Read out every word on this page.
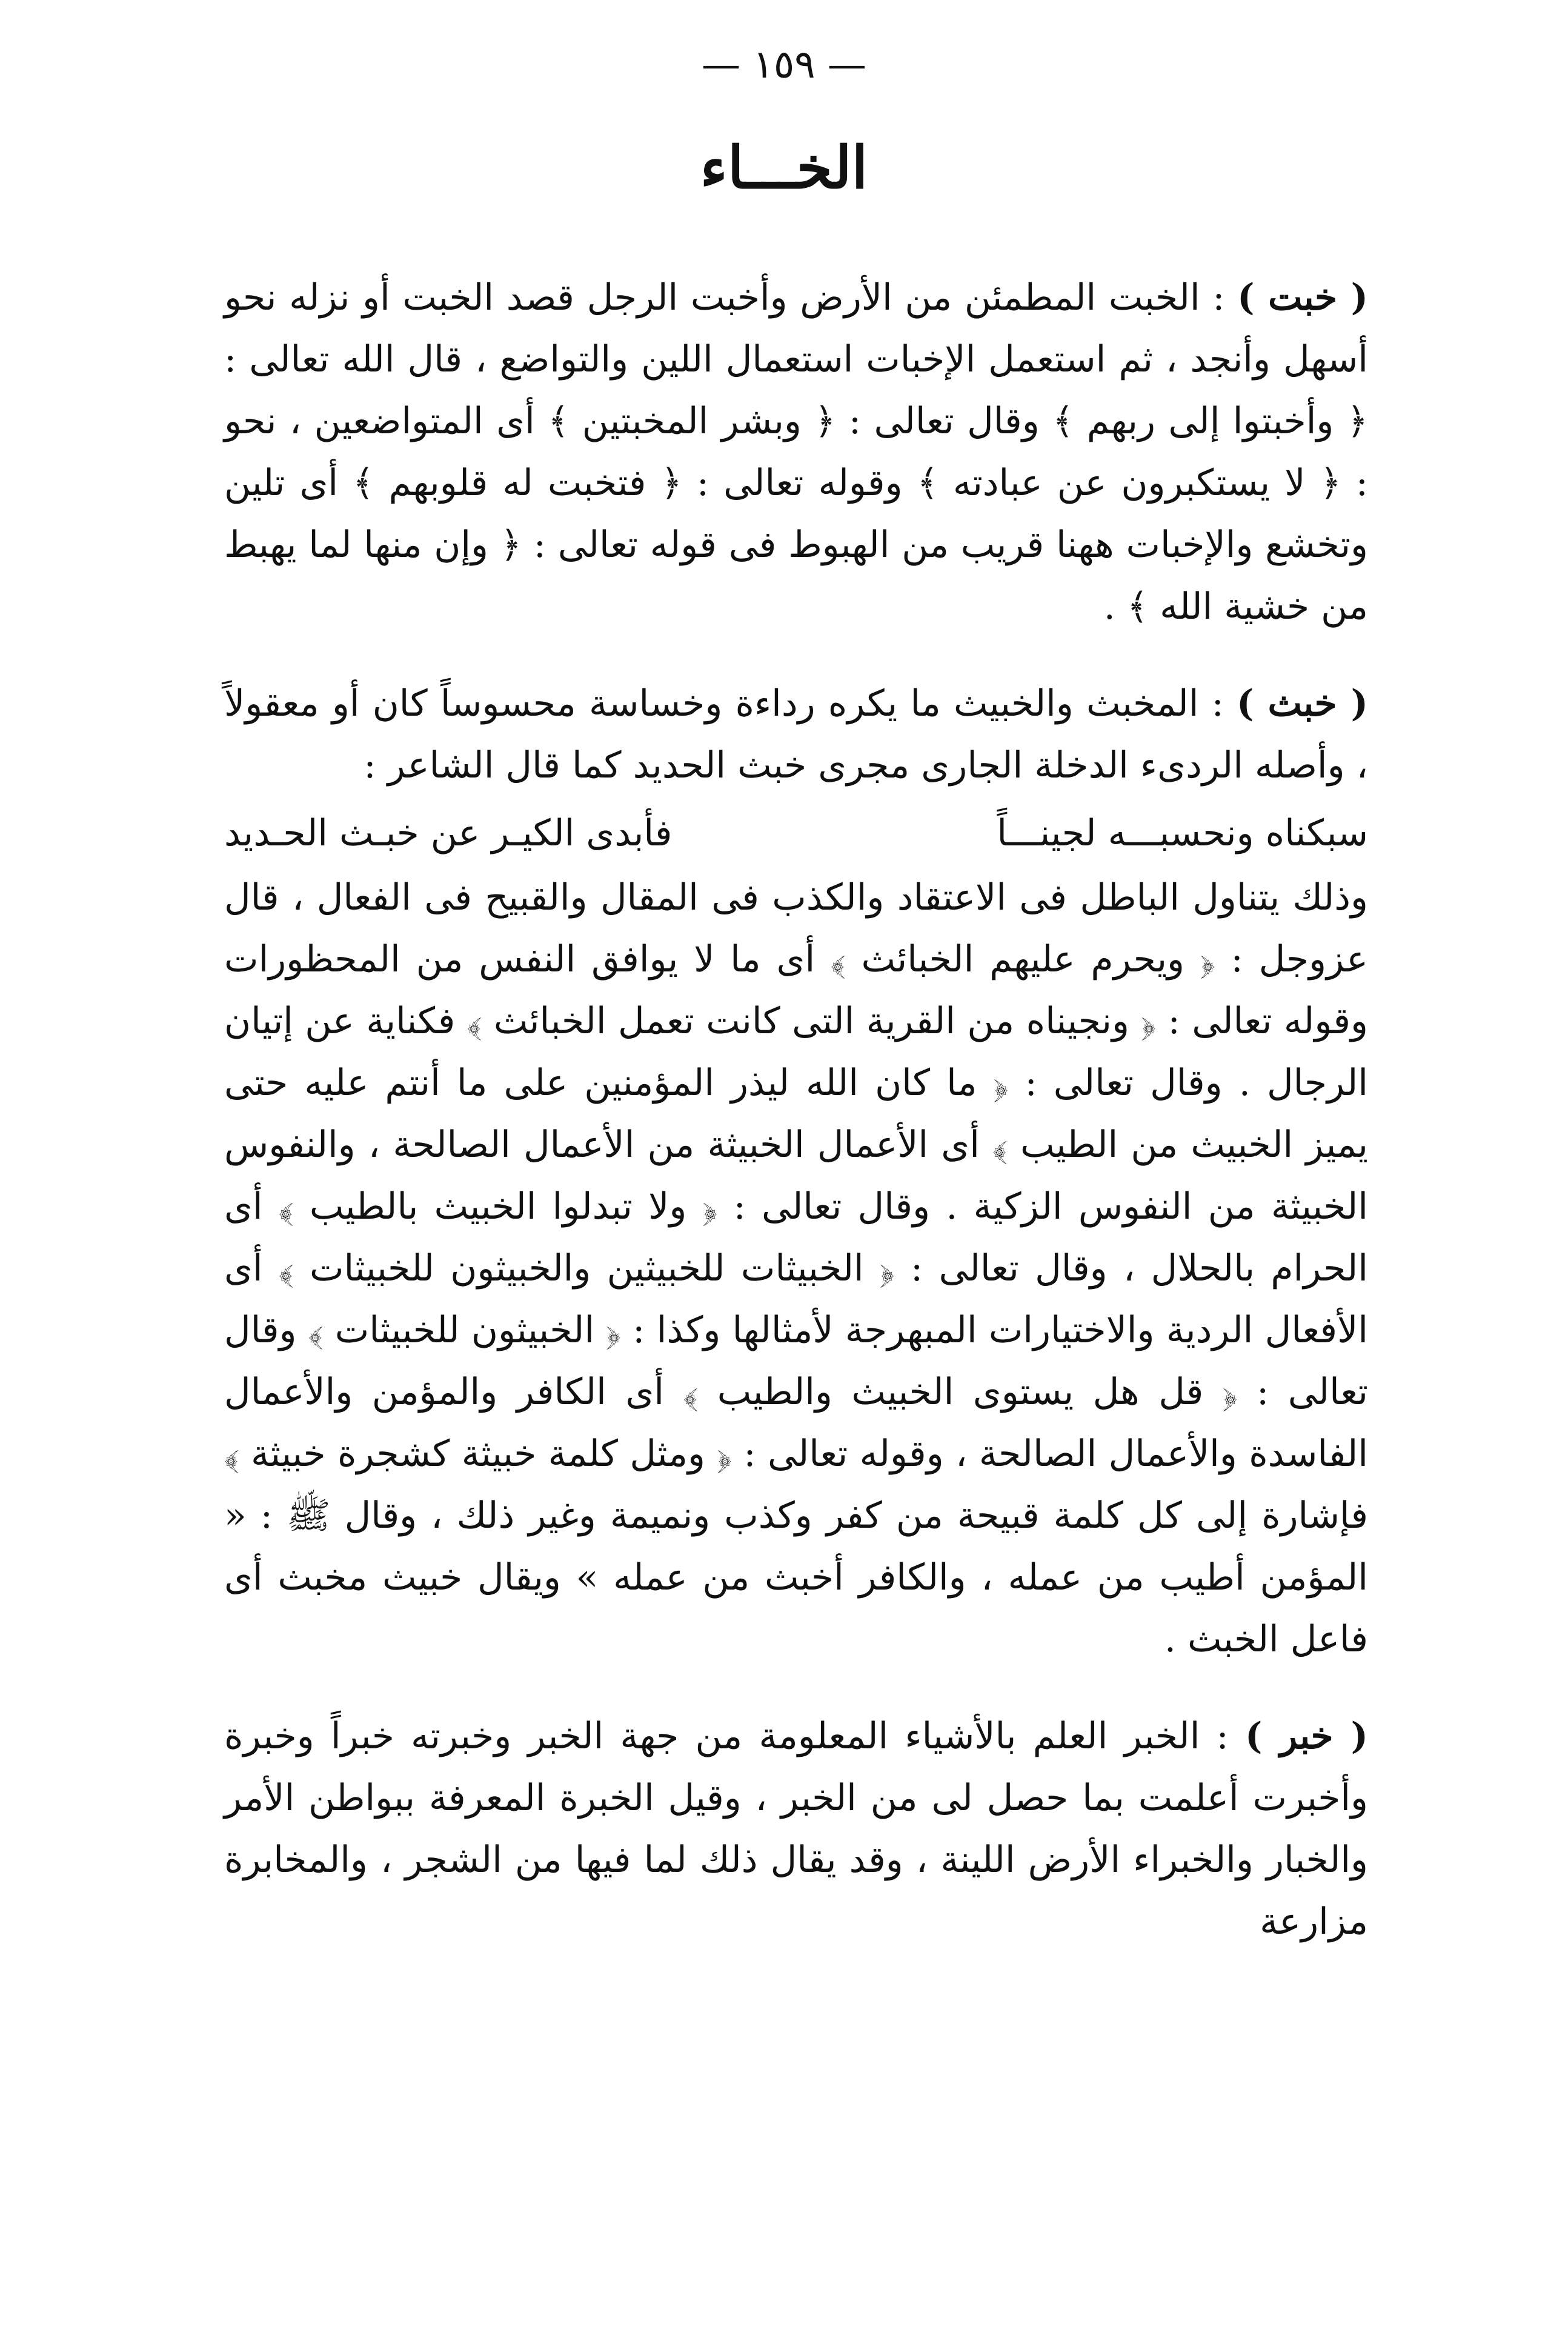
— ١٥٩ —
الخـــاء

( خبت ) : الخبت المطمئن من الأرض وأخبت الرجل قصد الخبت أو نزله نحو أسهل وأنجد ، ثم استعمل الإخبات استعمال اللين والتواضع ، قال الله تعالى : ﴿ وأخبتوا إلى ربهم ﴾ وقال تعالى : ﴿ وبشر المخبتين ﴾ أى المتواضعين ، نحو : ﴿ لا يستكبرون عن عبادته ﴾ وقوله تعالى : ﴿ فتخبت له قلوبهم ﴾ أى تلين وتخشع والإخبات ههنا قريب من الهبوط فى قوله تعالى : ﴿ وإن منها لما يهبط من خشية الله ﴾ .

( خبث ) : المخبث والخبيث ما يكره رداءة وخساسة محسوساً كان أو معقولاً ، وأصله الردىء الدخلة الجارى مجرى خبث الحديد كما قال الشاعر :

سبكناه ونحسبـــه لجينـــاً
فأبدى الكيـر عن خبـث الحـديد

وذلك يتناول الباطل فى الاعتقاد والكذب فى المقال والقبيح فى الفعال ، قال عزوجل : ﴿ ويحرم عليهم الخبائث ﴾ أى ما لا يوافق النفس من المحظورات وقوله تعالى : ﴿ ونجيناه من القرية التى كانت تعمل الخبائث ﴾ فكناية عن إتيان الرجال . وقال تعالى : ﴿ ما كان الله ليذر المؤمنين على ما أنتم عليه حتى يميز الخبيث من الطيب ﴾ أى الأعمال الخبيثة من الأعمال الصالحة ، والنفوس الخبيثة من النفوس الزكية . وقال تعالى : ﴿ ولا تبدلوا الخبيث بالطيب ﴾ أى الحرام بالحلال ، وقال تعالى : ﴿ الخبيثات للخبيثين والخبيثون للخبيثات ﴾ أى الأفعال الردية والاختيارات المبهرجة لأمثالها وكذا : ﴿ الخبيثون للخبيثات ﴾ وقال تعالى : ﴿ قل هل يستوى الخبيث والطيب ﴾ أى الكافر والمؤمن والأعمال الفاسدة والأعمال الصالحة ، وقوله تعالى : ﴿ ومثل كلمة خبيثة كشجرة خبيثة ﴾ فإشارة إلى كل كلمة قبيحة من كفر وكذب ونميمة وغير ذلك ، وقال ﷺ : « المؤمن أطيب من عمله ، والكافر أخبث من عمله » ويقال خبيث مخبث أى فاعل الخبث .

( خبر ) : الخبر العلم بالأشياء المعلومة من جهة الخبر وخبرته خبراً وخبرة وأخبرت أعلمت بما حصل لى من الخبر ، وقيل الخبرة المعرفة ببواطن الأمر والخبار والخبراء الأرض اللينة ، وقد يقال ذلك لما فيها من الشجر ، والمخابرة مزارعة
